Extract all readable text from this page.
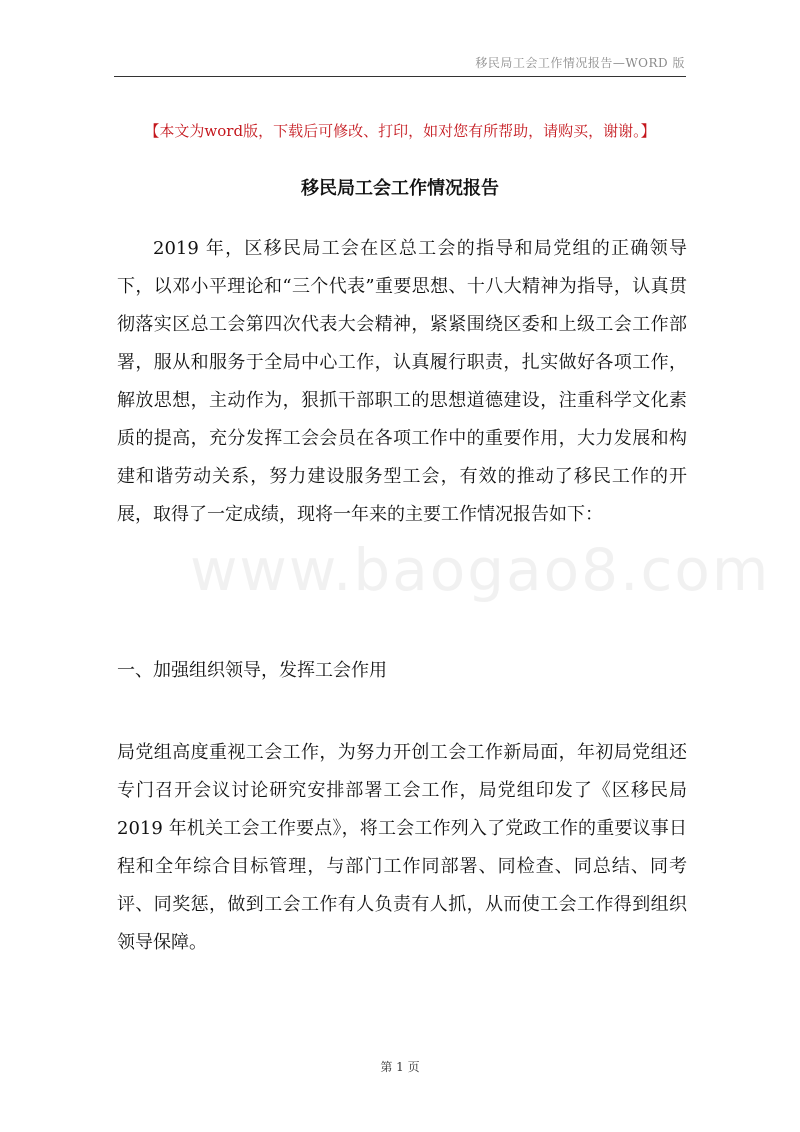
移民局工会工作情况报告—WORD 版
【本文为word版，下载后可修改、打印，如对您有所帮助，请购买，谢谢。】
移民局工会工作情况报告

2019 年，区移民局工会在区总工会的指导和局党组的正确领导下，以邓小平理论和“三个代表”重要思想、十八大精神为指导，认真贯彻落实区总工会第四次代表大会精神，紧紧围绕区委和上级工会工作部署，服从和服务于全局中心工作，认真履行职责，扎实做好各项工作，解放思想，主动作为，狠抓干部职工的思想道德建设，注重科学文化素质的提高，充分发挥工会会员在各项工作中的重要作用，大力发展和构建和谐劳动关系，努力建设服务型工会，有效的推动了移民工作的开展，取得了一定成绩，现将一年来的主要工作情况报告如下：

www.baogao8.com
一、加强组织领导，发挥工会作用

局党组高度重视工会工作，为努力开创工会工作新局面，年初局党组还专门召开会议讨论研究安排部署工会工作，局党组印发了《区移民局 2019 年机关工会工作要点》，将工会工作列入了党政工作的重要议事日程和全年综合目标管理，与部门工作同部署、同检查、同总结、同考评、同奖惩，做到工会工作有人负责有人抓，从而使工会工作得到组织领导保障。

第 1 页
